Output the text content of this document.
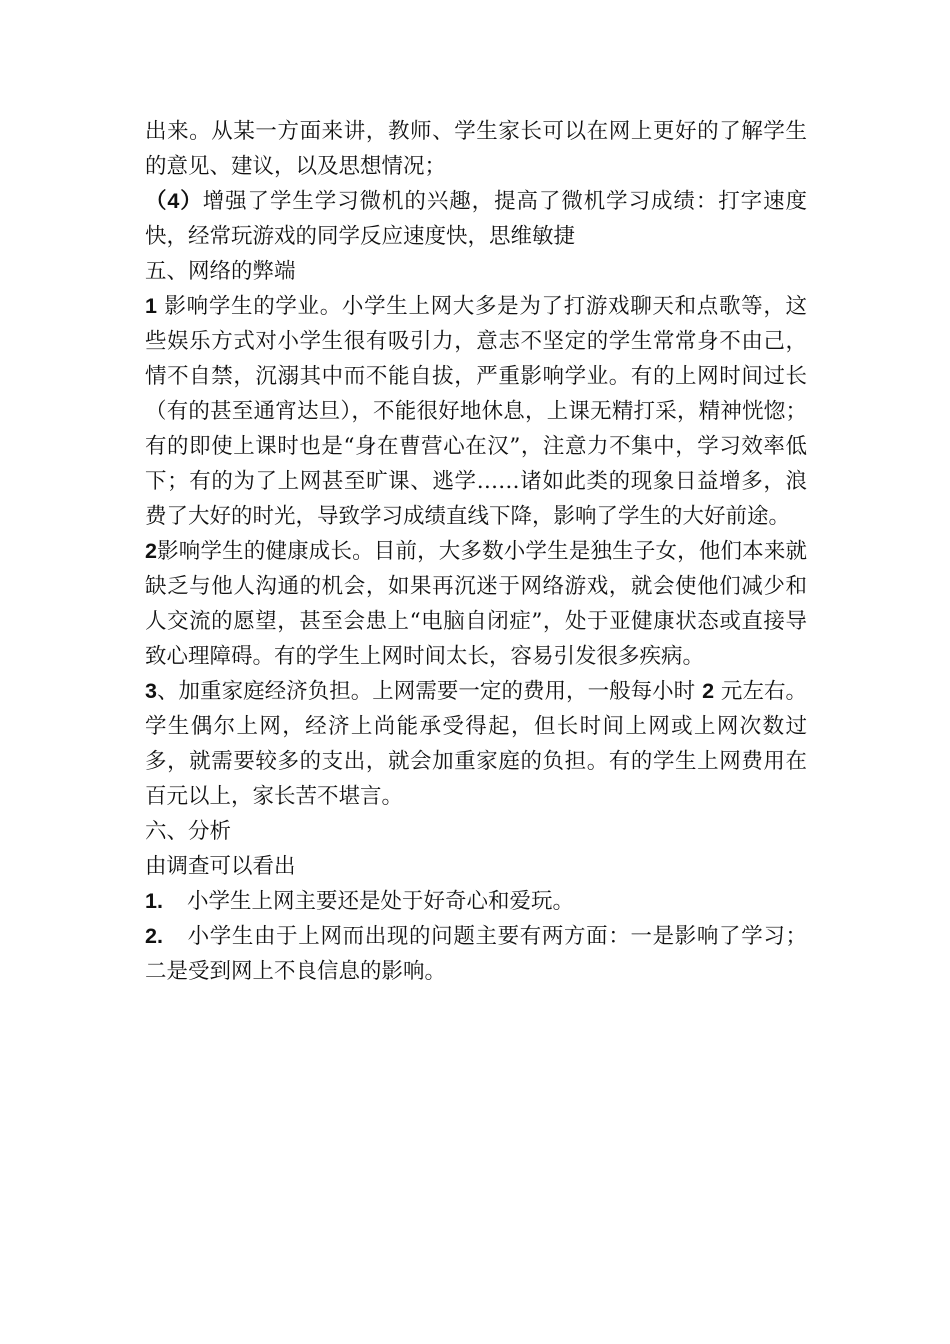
出来。从某一方面来讲，教师、学生家长可以在网上更好的了解学生的意见、建议，以及思想情况；

（4）增强了学生学习微机的兴趣，提高了微机学习成绩：打字速度快，经常玩游戏的同学反应速度快，思维敏捷

五、网络的弊端

1 影响学生的学业。小学生上网大多是为了打游戏聊天和点歌等，这些娱乐方式对小学生很有吸引力，意志不坚定的学生常常身不由己，情不自禁，沉溺其中而不能自拔，严重影响学业。有的上网时间过长（有的甚至通宵达旦），不能很好地休息，上课无精打采，精神恍惚；有的即使上课时也是“身在曹营心在汉”，注意力不集中，学习效率低下；有的为了上网甚至旷课、逃学……诸如此类的现象日益增多，浪费了大好的时光，导致学习成绩直线下降，影响了学生的大好前途。

2影响学生的健康成长。目前，大多数小学生是独生子女，他们本来就缺乏与他人沟通的机会，如果再沉迷于网络游戏，就会使他们减少和人交流的愿望，甚至会患上“电脑自闭症”，处于亚健康状态或直接导致心理障碍。有的学生上网时间太长，容易引发很多疾病。

3、加重家庭经济负担。上网需要一定的费用，一般每小时 2 元左右。学生偶尔上网，经济上尚能承受得起，但长时间上网或上网次数过多，就需要较多的支出，就会加重家庭的负担。有的学生上网费用在百元以上，家长苦不堪言。

六、分析

由调查可以看出

1. 小学生上网主要还是处于好奇心和爱玩。

2. 小学生由于上网而出现的问题主要有两方面：一是影响了学习；二是受到网上不良信息的影响。
